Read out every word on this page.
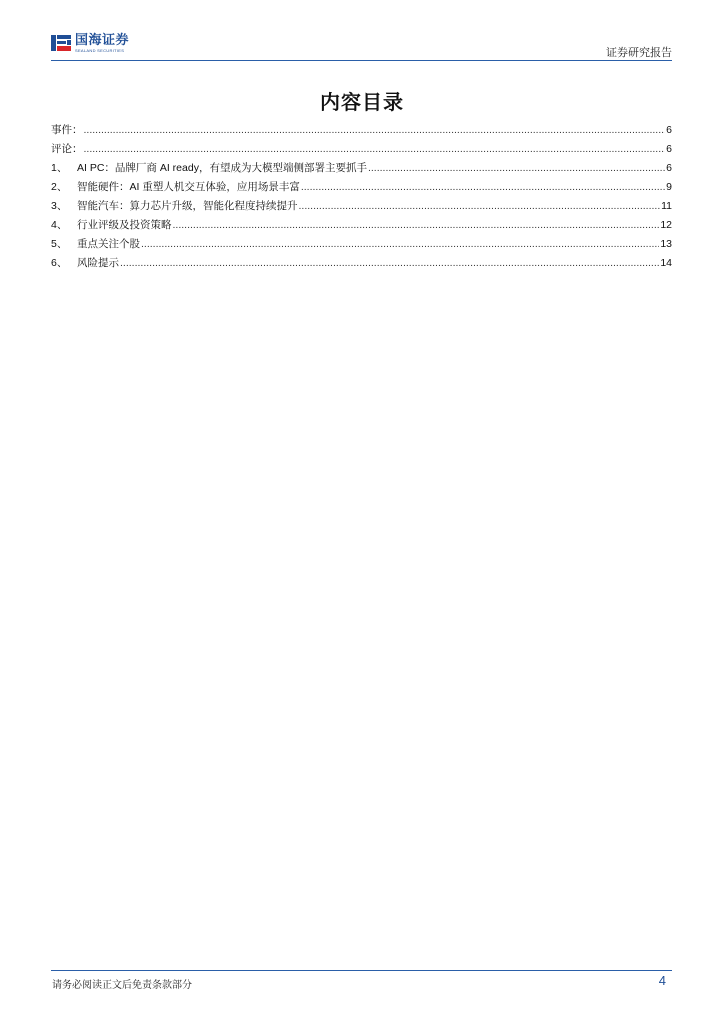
国海证券
SEALAND SECURITIES	证券研究报告
内容目录
事件： .....	6
评论： .....	6
1、 AI PC：品牌厂商 AI ready，有望成为大模型端侧部署主要抓手 .....	6
2、 智能硬件：AI 重塑人机交互体验，应用场景丰富 .....	9
3、 智能汽车：算力芯片升级，智能化程度持续提升 .....	11
4、 行业评级及投资策略 .....	12
5、 重点关注个股 .....	13
6、 风险提示 .....	14
请务必阅读正文后免责条款部分	4
